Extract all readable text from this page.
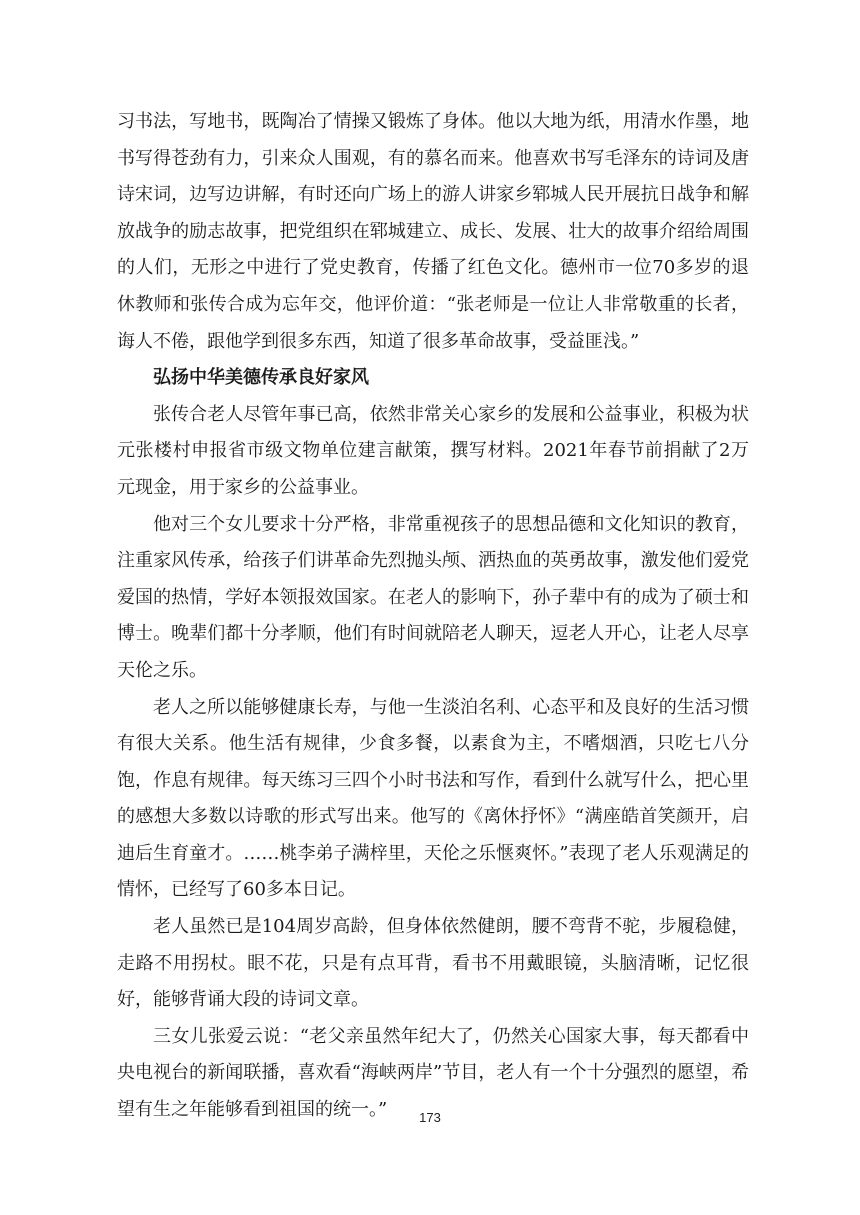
习书法，写地书，既陶冶了情操又锻炼了身体。他以大地为纸，用清水作墨，地书写得苍劲有力，引来众人围观，有的慕名而来。他喜欢书写毛泽东的诗词及唐诗宋词，边写边讲解，有时还向广场上的游人讲家乡郓城人民开展抗日战争和解放战争的励志故事，把党组织在郓城建立、成长、发展、壮大的故事介绍给周围的人们，无形之中进行了党史教育，传播了红色文化。德州市一位70多岁的退休教师和张传合成为忘年交，他评价道：“张老师是一位让人非常敬重的长者，诲人不倦，跟他学到很多东西，知道了很多革命故事，受益匪浅。”

弘扬中华美德传承良好家风

张传合老人尽管年事已高，依然非常关心家乡的发展和公益事业，积极为状元张楼村申报省市级文物单位建言献策，撰写材料。2021年春节前捐献了2万元现金，用于家乡的公益事业。

他对三个女儿要求十分严格，非常重视孩子的思想品德和文化知识的教育，注重家风传承，给孩子们讲革命先烈抛头颅、洒热血的英勇故事，激发他们爱党爱国的热情，学好本领报效国家。在老人的影响下，孙子辈中有的成为了硕士和博士。晚辈们都十分孝顺，他们有时间就陪老人聊天，逗老人开心，让老人尽享天伦之乐。

老人之所以能够健康长寿，与他一生淡泊名利、心态平和及良好的生活习惯有很大关系。他生活有规律，少食多餐，以素食为主，不嗜烟酒，只吃七八分饱，作息有规律。每天练习三四个小时书法和写作，看到什么就写什么，把心里的感想大多数以诗歌的形式写出来。他写的《离休抒怀》“满座皓首笑颜开，启迪后生育童才。……桃李弟子满梓里，天伦之乐惬爽怀。”表现了老人乐观满足的情怀，已经写了60多本日记。

老人虽然已是104周岁高龄，但身体依然健朗，腰不弯背不驼，步履稳健，走路不用拐杖。眼不花，只是有点耳背，看书不用戴眼镜，头脑清晰，记忆很好，能够背诵大段的诗词文章。

三女儿张爱云说：“老父亲虽然年纪大了，仍然关心国家大事，每天都看中央电视台的新闻联播，喜欢看“海峡两岸”节目，老人有一个十分强烈的愿望，希望有生之年能够看到祖国的统一。”	173
